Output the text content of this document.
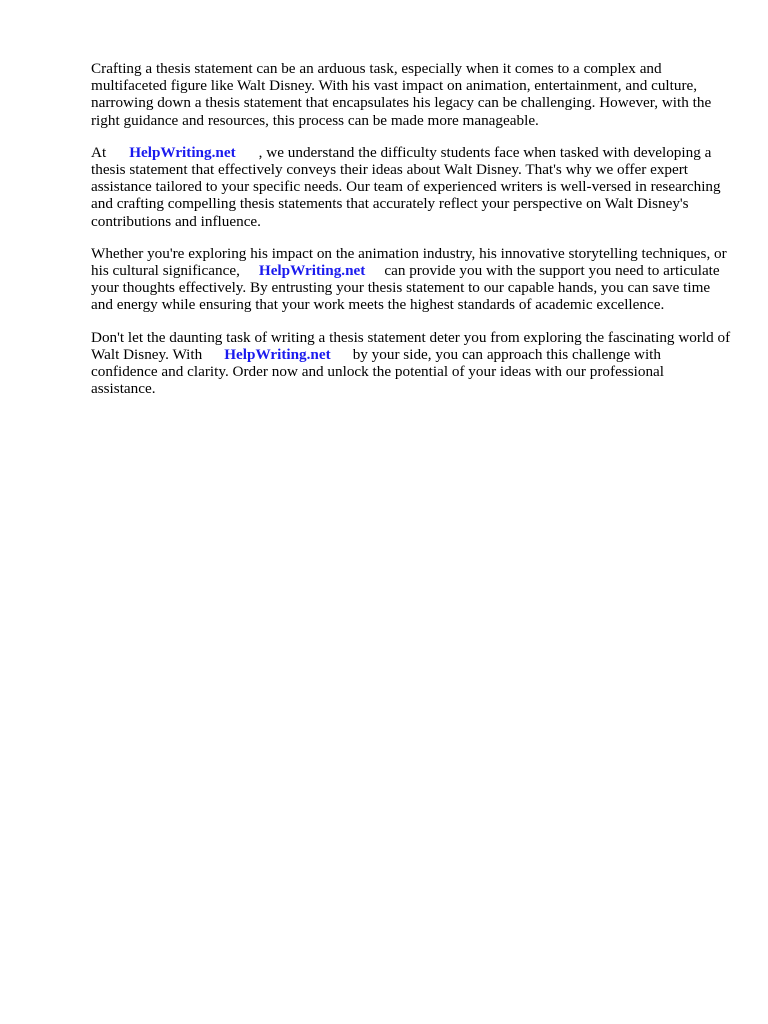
Crafting a thesis statement can be an arduous task, especially when it comes to a complex and multifaceted figure like Walt Disney. With his vast impact on animation, entertainment, and culture, narrowing down a thesis statement that encapsulates his legacy can be challenging. However, with the right guidance and resources, this process can be made more manageable.

At HelpWriting.net , we understand the difficulty students face when tasked with developing a thesis statement that effectively conveys their ideas about Walt Disney. That's why we offer expert assistance tailored to your specific needs. Our team of experienced writers is well-versed in researching and crafting compelling thesis statements that accurately reflect your perspective on Walt Disney's contributions and influence.

Whether you're exploring his impact on the animation industry, his innovative storytelling techniques, or his cultural significance, HelpWriting.net can provide you with the support you need to articulate your thoughts effectively. By entrusting your thesis statement to our capable hands, you can save time and energy while ensuring that your work meets the highest standards of academic excellence.

Don't let the daunting task of writing a thesis statement deter you from exploring the fascinating world of Walt Disney. With HelpWriting.net by your side, you can approach this challenge with confidence and clarity. Order now and unlock the potential of your ideas with our professional assistance.
